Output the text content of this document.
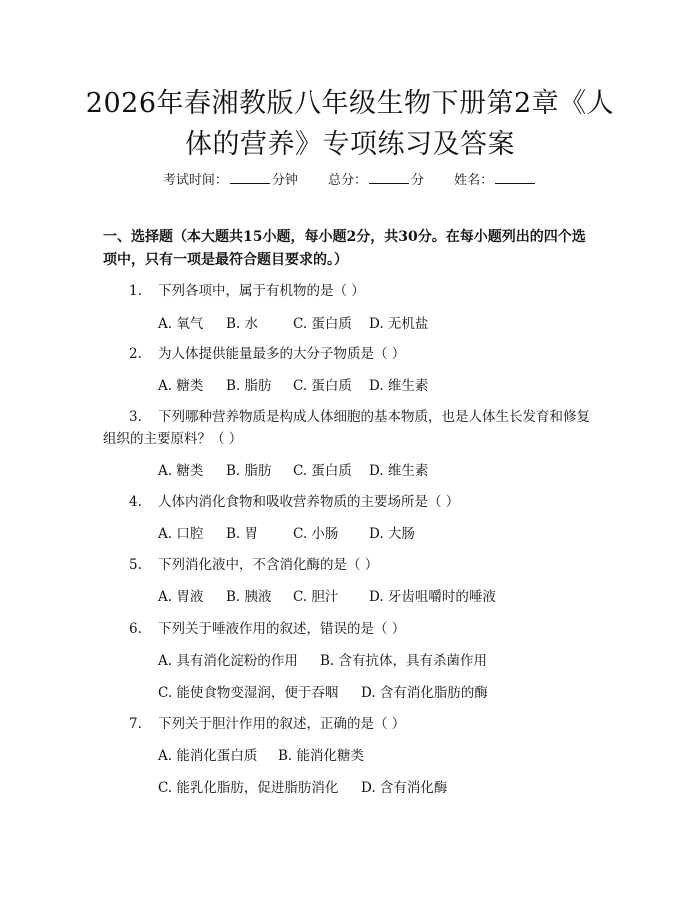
2026年春湘教版八年级生物下册第2章《人
体的营养》专项练习及答案
考试时间：	分钟 总分：	分 姓名：
一、选择题（本大题共15小题，每小题2分，共30分。在每小题列出的四个选
项中，只有一项是最符合题目要求的。）
1.	下列各项中，属于有机物的是（ ）
A. 氧气 B. 水	C. 蛋白质 D. 无机盐
2.	为人体提供能量最多的大分子物质是（ ）
A. 糖类 B. 脂肪 C. 蛋白质 D. 维生素
3.	下列哪种营养物质是构成人体细胞的基本物质，也是人体生长发育和修复
组织的主要原料？（ ）
A. 糖类 B. 脂肪 C. 蛋白质 D. 维生素
4.	人体内消化食物和吸收营养物质的主要场所是（ ）
A. 口腔 B. 胃	C. 小肠 D. 大肠
5.	下列消化液中，不含消化酶的是（ ）
A. 胃液 B. 胰液 C. 胆汁 D. 牙齿咀嚼时的唾液
6.	下列关于唾液作用的叙述，错误的是（ ）
A. 具有消化淀粉的作用 B. 含有抗体，具有杀菌作用
C. 能使食物变湿润，便于吞咽 D. 含有消化脂肪的酶
7.	下列关于胆汁作用的叙述，正确的是（ ）
A. 能消化蛋白质 B. 能消化糖类
C. 能乳化脂肪，促进脂肪消化 D. 含有消化酶
